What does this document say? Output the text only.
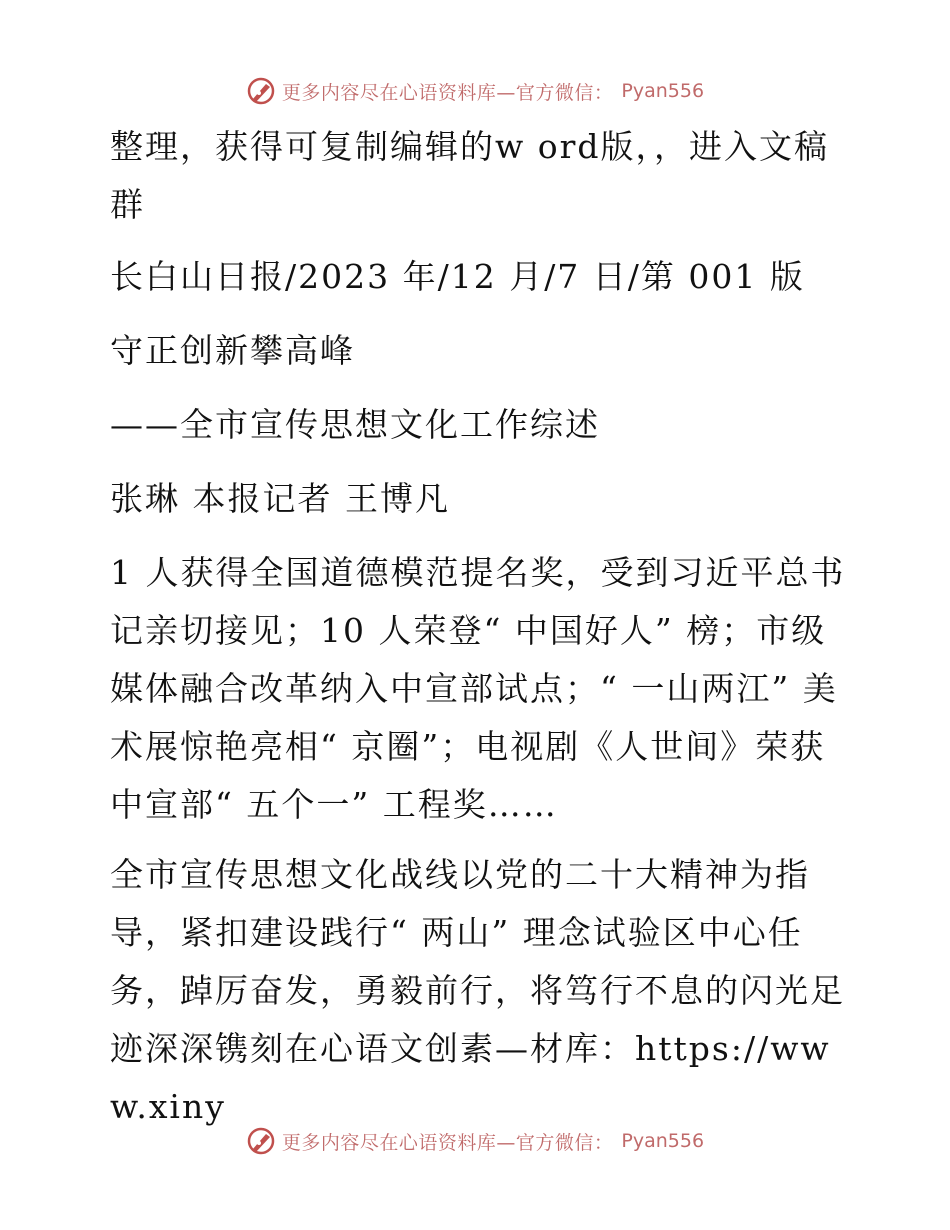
更多内容尽在心语资料库—官方微信： Pyan556

整理，获得可复制编辑的w ord版，，进入文稿群

长白山日报/2023 年/12 月/7 日/第 001 版

守正创新攀高峰

——全市宣传思想文化工作综述

张琳 本报记者 王博凡

1 人获得全国道德模范提名奖，受到习近平总书记亲切接见；10 人荣登“ 中国好人” 榜；市级媒体融合改革纳入中宣部试点；“ 一山两江” 美术展惊艳亮相“ 京圈”；电视剧《人世间》荣获中宣部“ 五个一” 工程奖……

全市宣传思想文化战线以党的二十大精神为指导，紧扣建设践行“ 两山” 理念试验区中心任务，踔厉奋发，勇毅前行，将笃行不息的闪光足迹深深镌刻在心语文创素—材库：https://www.xiny

更多内容尽在心语资料库—官方微信： Pyan556
